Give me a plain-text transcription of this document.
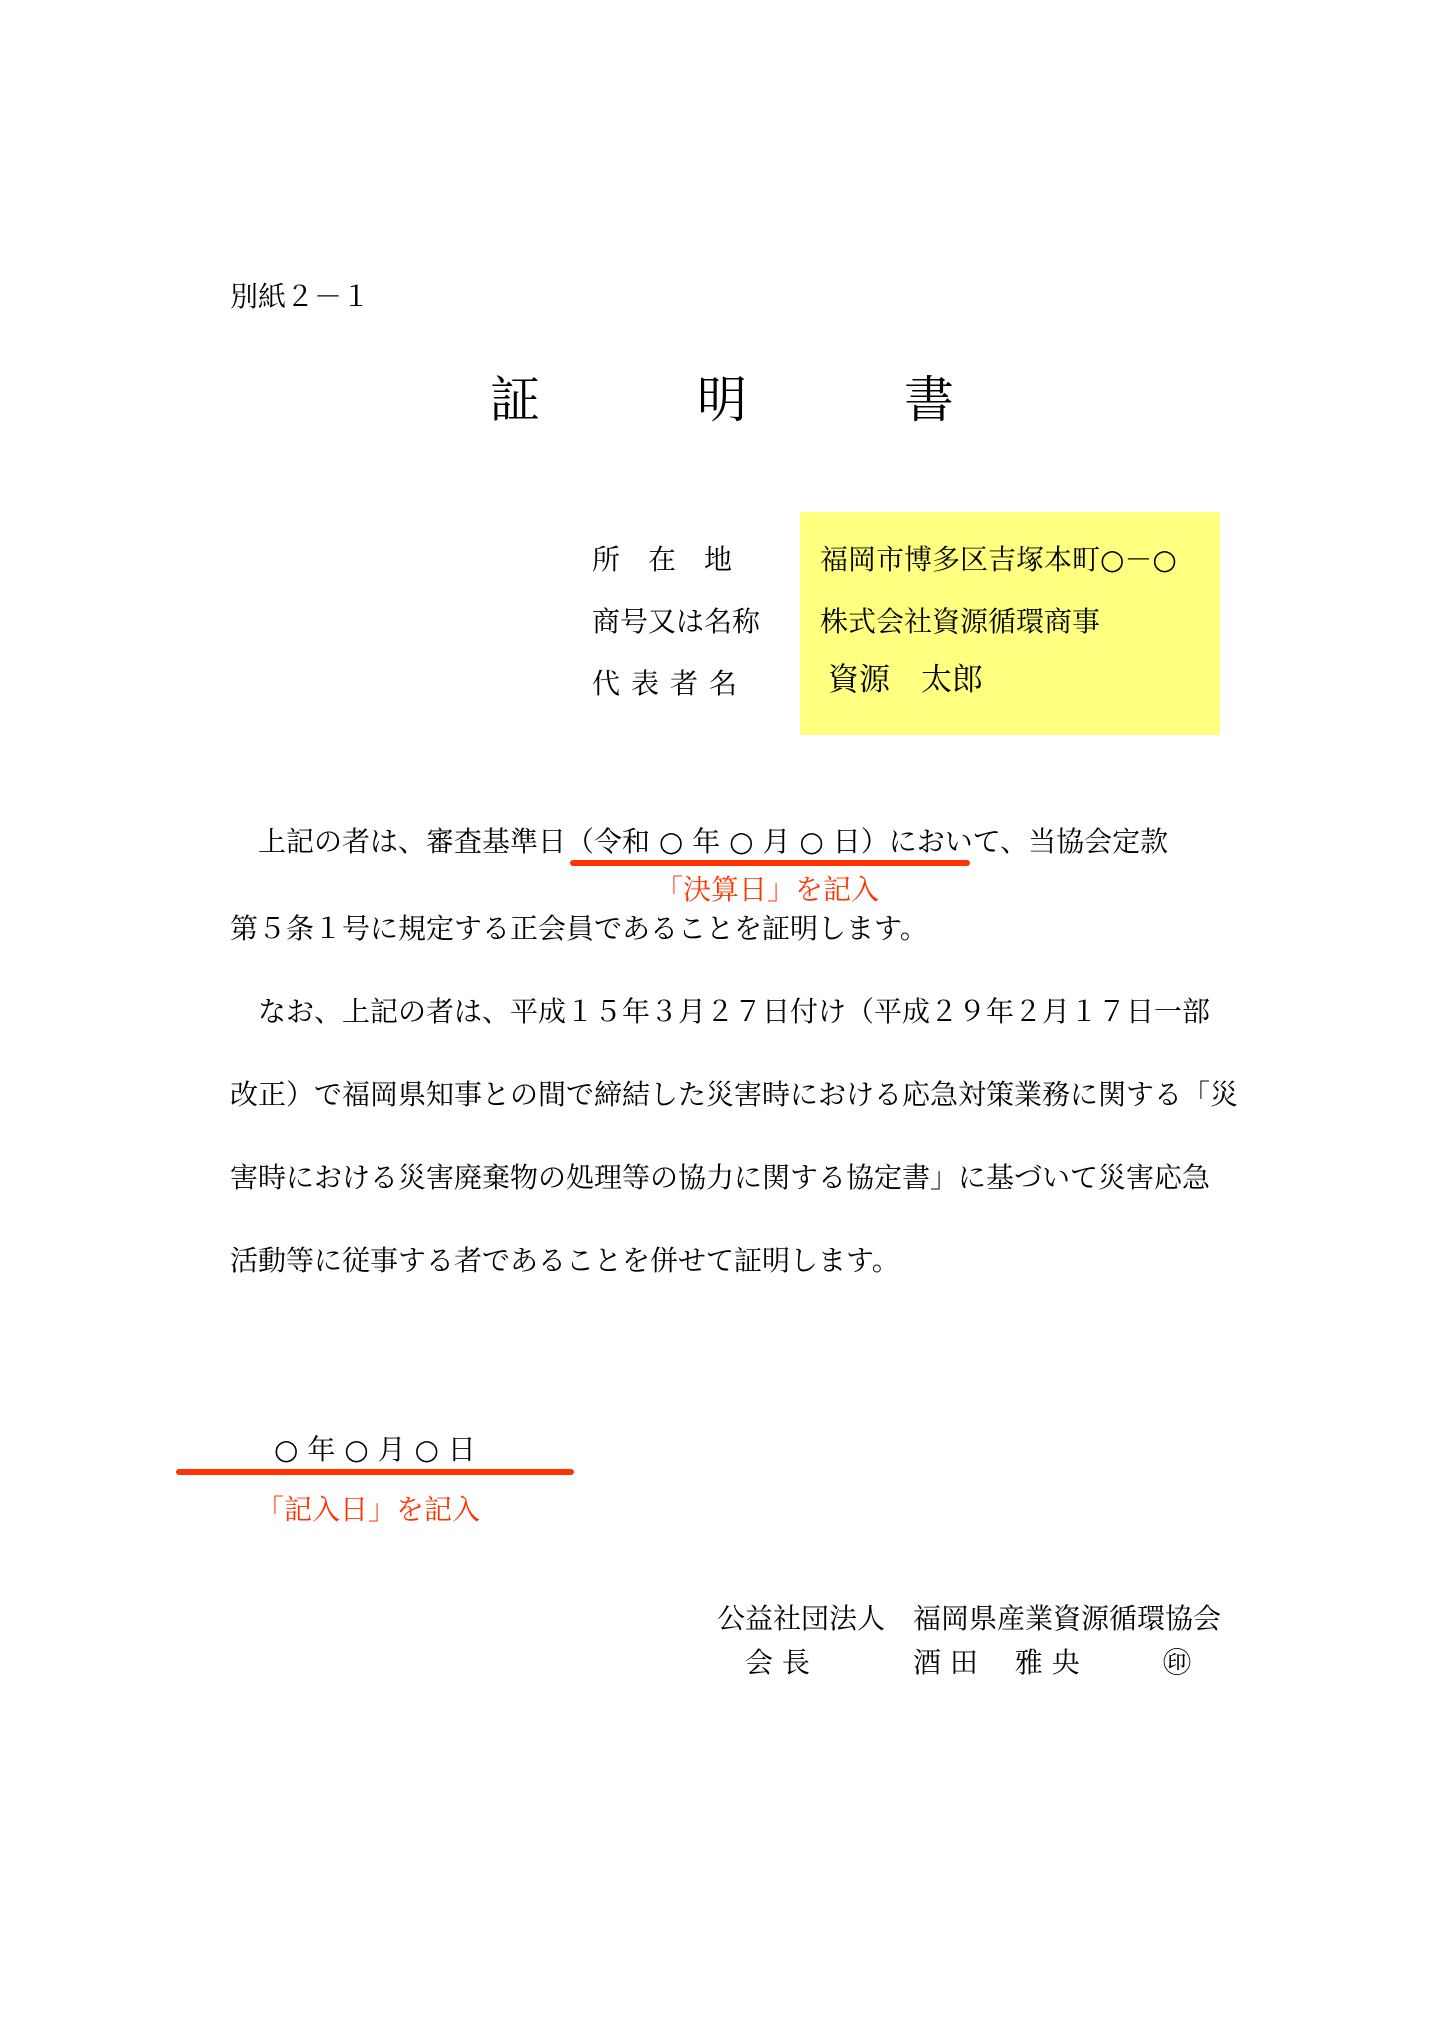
別紙２－１
証	明	書
所　在　地	福岡市博多区吉塚本町○－○
商号又は名称 株式会社資源循環商事
代表者名	資源　太郎
上記の者は、審査基準日（令和 ○ 年 ○ 月 ○ 日）において、当協会定款
「決算日」を記入
第５条１号に規定する正会員であることを証明します。
なお、上記の者は、平成１５年３月２７日付け（平成２９年２月１７日一部
改正）で福岡県知事との間で締結した災害時における応急対策業務に関する「災
害時における災害廃棄物の処理等の協力に関する協定書」に基づいて災害応急
活動等に従事する者であることを併せて証明します。
○ 年 ○ 月 ○ 日
「記入日」を記入
公益社団法人　福岡県産業資源循環協会
会 長	酒 田　 雅 央	㊞
